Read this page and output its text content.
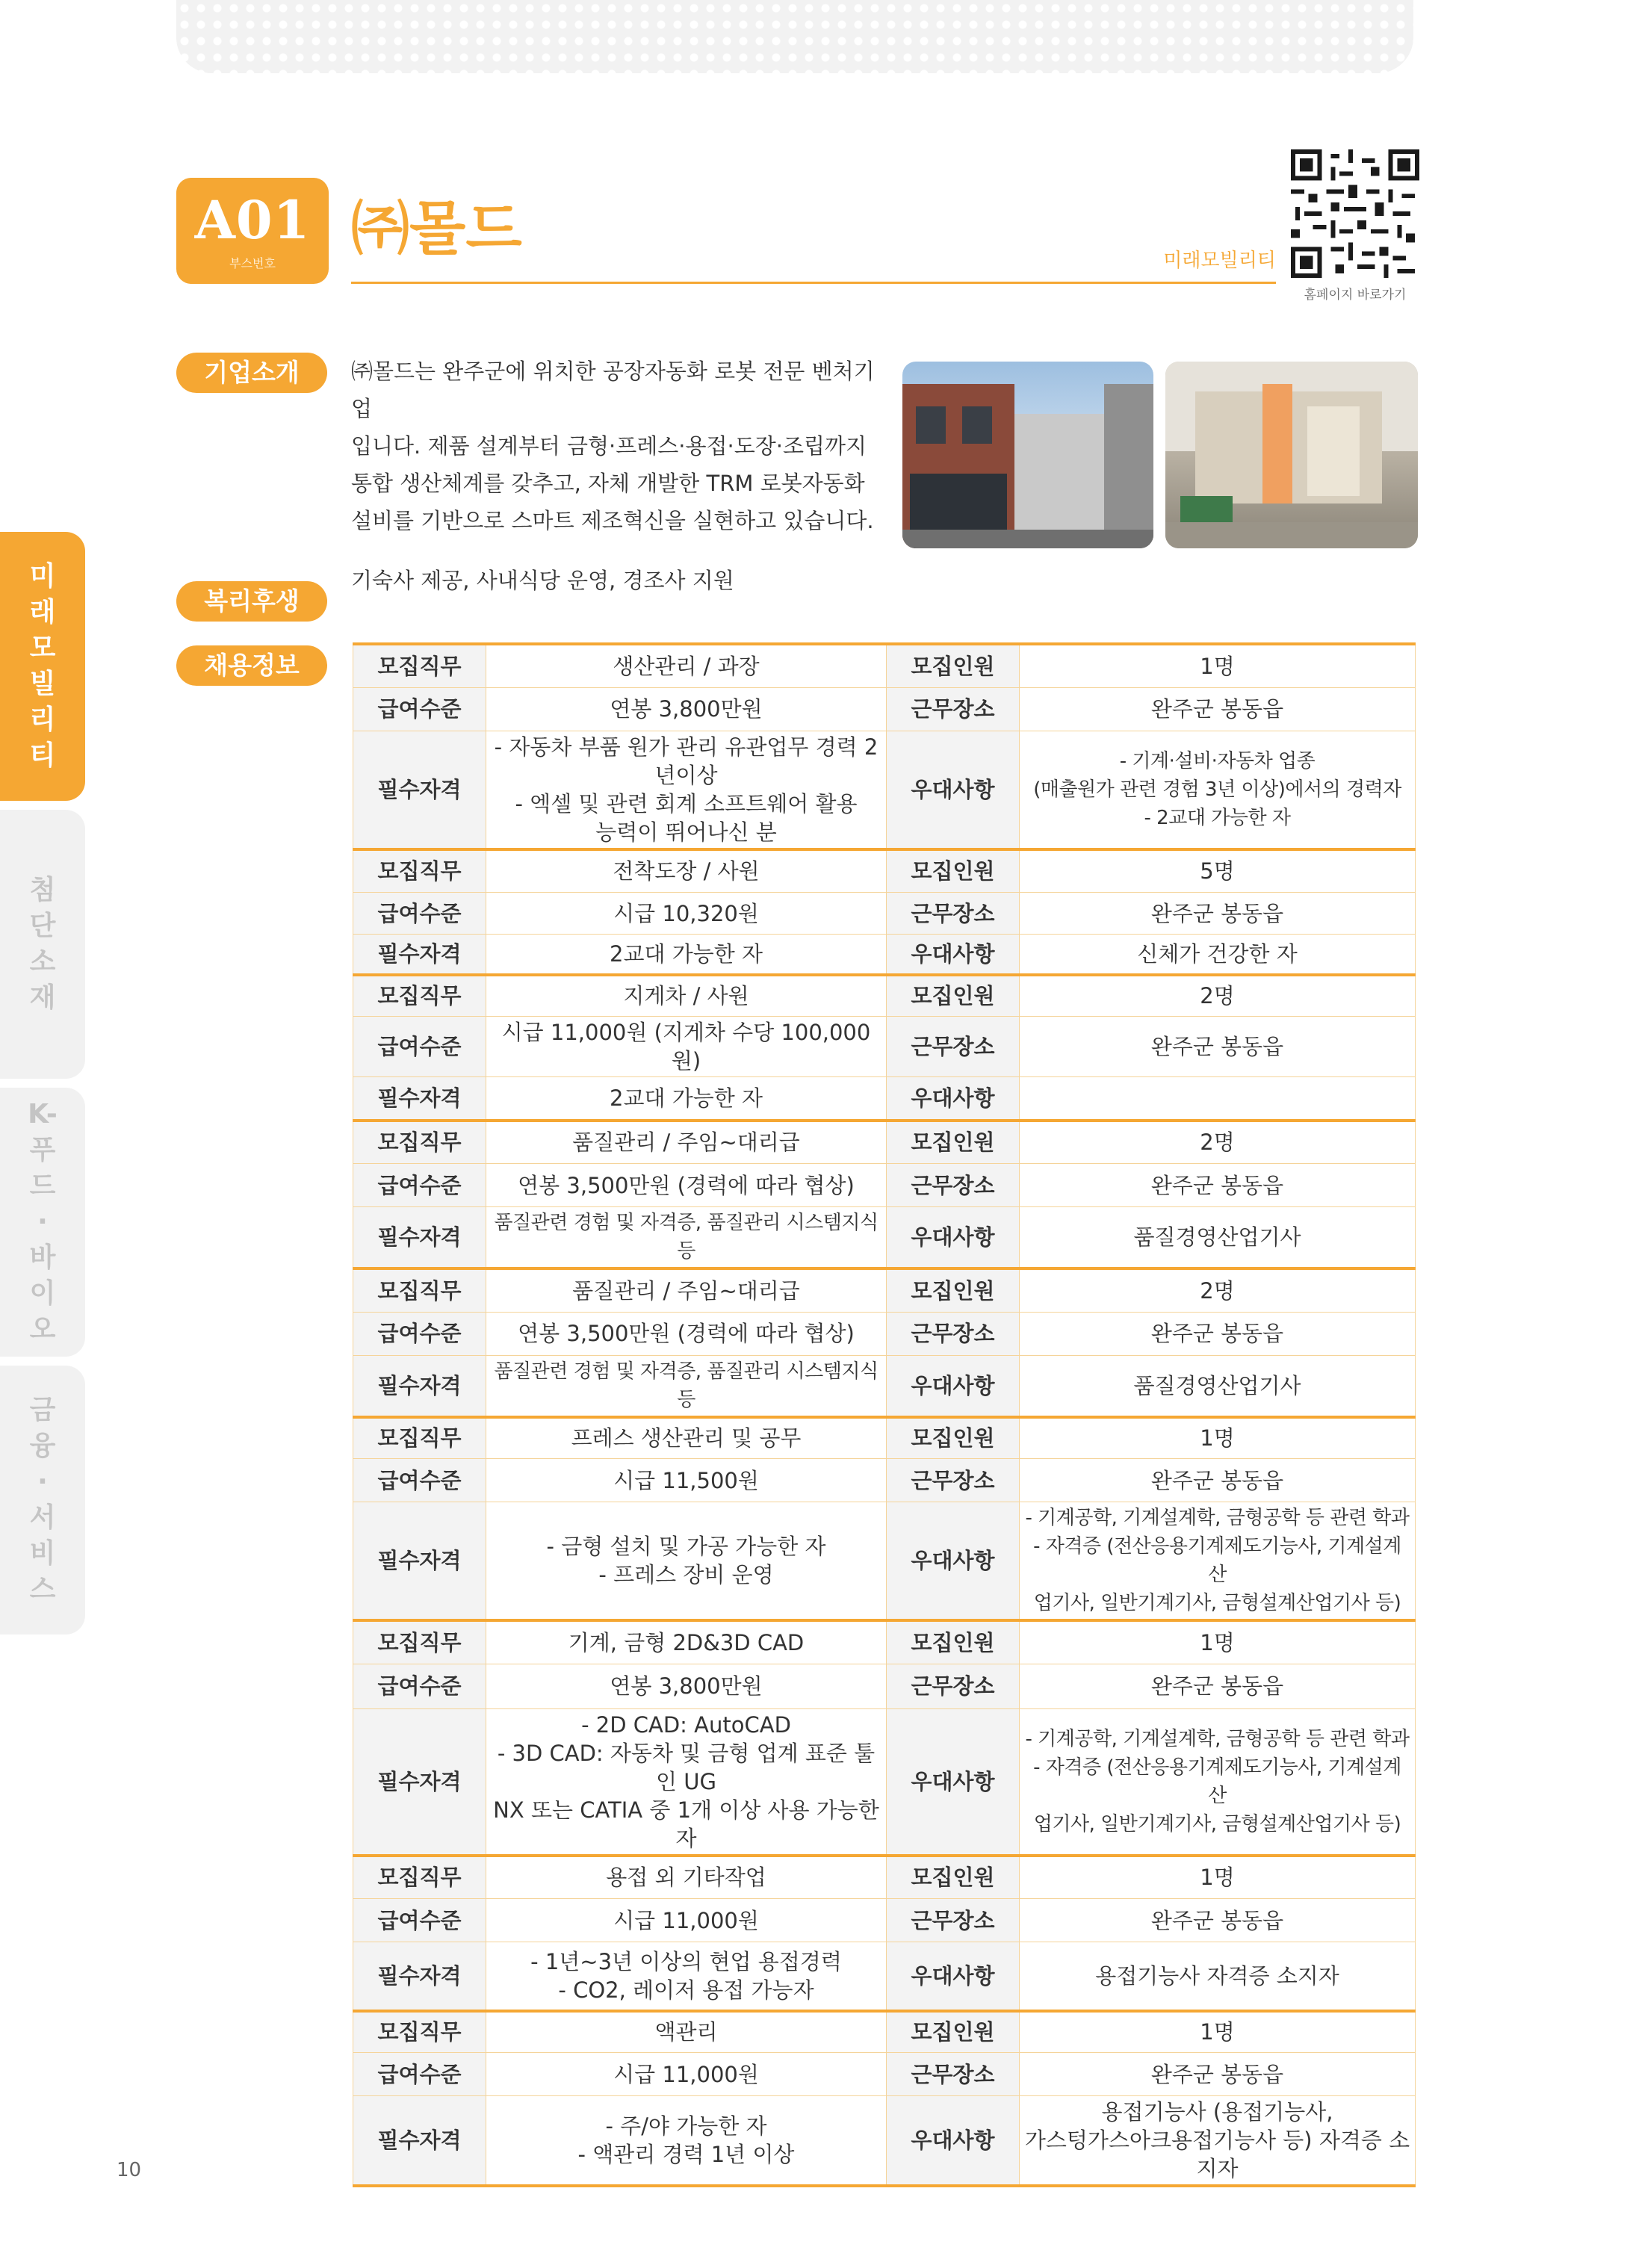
A01
부스번호
㈜몰드	미래모빌리티
홈페이지 바로가기
미래모빌리티
첨단소재
K-푸드·바이오
금융·서비스
기업소개	㈜몰드는 완주군에 위치한 공장자동화 로봇 전문 벤처기업
입니다. 제품 설계부터 금형·프레스·용접·도장·조립까지
통합 생산체계를 갖추고, 자체 개발한 TRM 로봇자동화
설비를 기반으로 스마트 제조혁신을 실현하고 있습니다.
복리후생
기숙사 제공, 사내식당 운영, 경조사 지원
채용정보	모집직무	생산관리 / 과장	모집인원	1명
급여수준	연봉 3,800만원	근무장소	완주군 봉동읍
필수자격	- 자동차 부품 원가 관리 유관업무 경력 2년이상
- 엑셀 및 관련 회계 소프트웨어 활용
능력이 뛰어나신 분	우대사항	- 기계·설비·자동차 업종
(매출원가 관련 경험 3년 이상)에서의 경력자
- 2교대 가능한 자
모집직무	전착도장 / 사원	모집인원	5명
급여수준	시급 10,320원	근무장소	완주군 봉동읍
필수자격	2교대 가능한 자	우대사항	신체가 건강한 자
모집직무	지게차 / 사원	모집인원	2명
급여수준	시급 11,000원 (지게차 수당 100,000원)	근무장소	완주군 봉동읍
필수자격	2교대 가능한 자	우대사항	
모집직무	품질관리 / 주임~대리급	모집인원	2명
급여수준	연봉 3,500만원 (경력에 따라 협상)	근무장소	완주군 봉동읍
필수자격	품질관련 경험 및 자격증, 품질관리 시스템지식 등	우대사항	품질경영산업기사
모집직무	품질관리 / 주임~대리급	모집인원	2명
급여수준	연봉 3,500만원 (경력에 따라 협상)	근무장소	완주군 봉동읍
필수자격	품질관련 경험 및 자격증, 품질관리 시스템지식 등	우대사항	품질경영산업기사
모집직무	프레스 생산관리 및 공무	모집인원	1명
급여수준	시급 11,500원	근무장소	완주군 봉동읍
필수자격	- 금형 설치 및 가공 가능한 자
- 프레스 장비 운영	우대사항	- 기계공학, 기계설계학, 금형공학 등 관련 학과
- 자격증 (전산응용기계제도기능사, 기계설계산
업기사, 일반기계기사, 금형설계산업기사 등)
모집직무	기계, 금형 2D&3D CAD	모집인원	1명
급여수준	연봉 3,800만원	근무장소	완주군 봉동읍
필수자격	- 2D CAD: AutoCAD
- 3D CAD: 자동차 및 금형 업계 표준 툴인 UG
NX 또는 CATIA 중 1개 이상 사용 가능한 자	우대사항	- 기계공학, 기계설계학, 금형공학 등 관련 학과
- 자격증 (전산응용기계제도기능사, 기계설계산
업기사, 일반기계기사, 금형설계산업기사 등)
모집직무	용접 외 기타작업	모집인원	1명
급여수준	시급 11,000원	근무장소	완주군 봉동읍
필수자격	- 1년~3년 이상의 현업 용접경력
- CO2, 레이저 용접 가능자	우대사항	용접기능사 자격증 소지자
모집직무	액관리	모집인원	1명
급여수준	시급 11,000원	근무장소	완주군 봉동읍
필수자격	- 주/야 가능한 자
- 액관리 경력 1년 이상	우대사항	용접기능사 (용접기능사,
가스텅가스아크용접기능사 등) 자격증 소지자
10
